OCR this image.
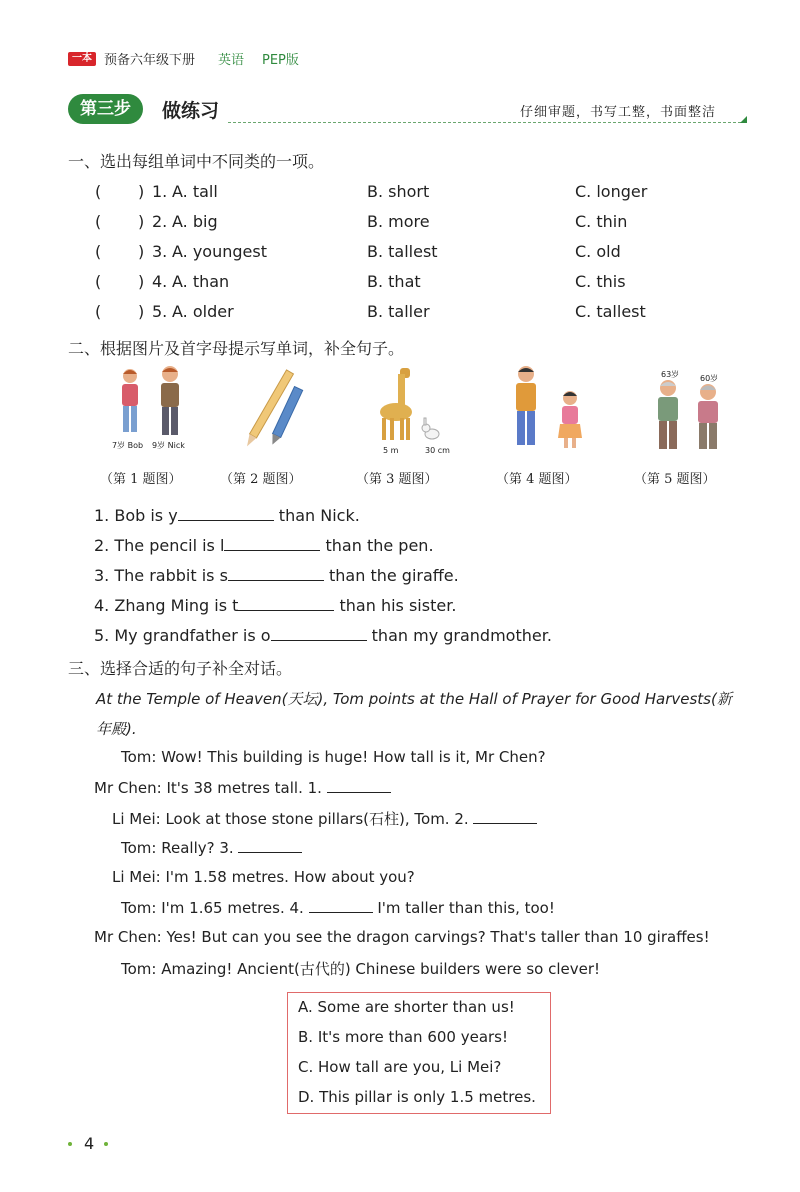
一本 预备六年级下册 英语 PEP版
第三步	做练习	仔细审题，书写工整，书面整洁
一、选出每组单词中不同类的一项。
( ) 1. A. tall	B. short	C. longer
( ) 2. A. big	B. more	C. thin
( ) 3. A. youngest	B. tallest	C. old
( ) 4. A. than	B. that	C. this
( ) 5. A. older	B. taller	C. tallest
二、根据图片及首字母提示写单词，补全句子。
7岁 Bob 9岁 Nick
5 m	30 cm
63岁	60岁
（第 1 题图）	（第 2 题图）	（第 3 题图）	（第 4 题图）	（第 5 题图）
1. Bob is y	than Nick.
2. The pencil is l	than the pen.
3. The rabbit is s	than the giraffe.
4. Zhang Ming is t	than his sister.
5. My grandfather is o	than my grandmother.
三、选择合适的句子补全对话。
At the Temple of Heaven(天坛), Tom points at the Hall of Prayer for Good Harvests(新
年殿).
Tom: Wow! This building is huge! How tall is it, Mr Chen?
Mr Chen: It's 38 metres tall. 1.
Li Mei: Look at those stone pillars(石柱), Tom. 2.
Tom: Really? 3.
Li Mei: I'm 1.58 metres. How about you?
Tom: I'm 1.65 metres. 4.	I'm taller than this, too!
Mr Chen: Yes! But can you see the dragon carvings? That's taller than 10 giraffes!
Tom: Amazing! Ancient(古代的) Chinese builders were so clever!
A. Some are shorter than us!
B. It's more than 600 years!
C. How tall are you, Li Mei?
D. This pillar is only 1.5 metres.
4
